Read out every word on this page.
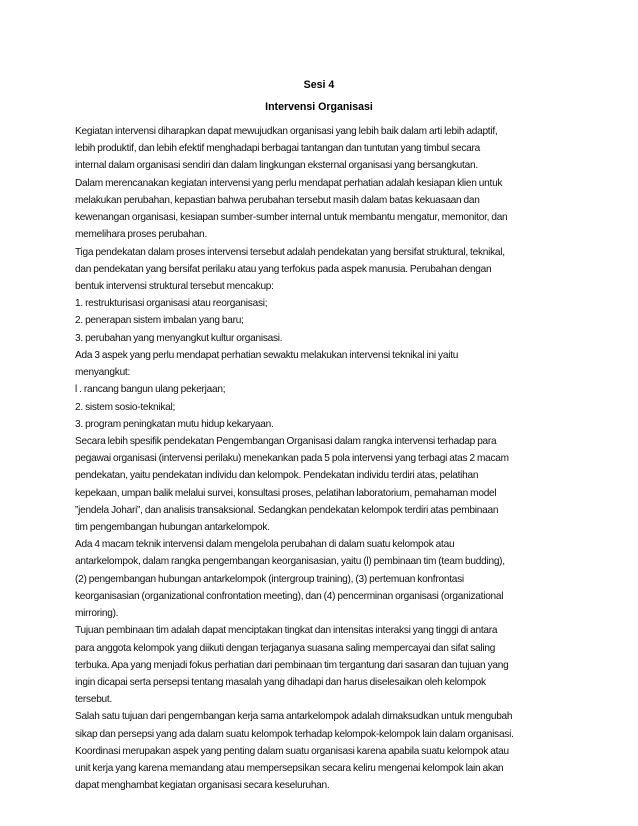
Sesi 4
Intervensi Organisasi
Kegiatan intervensi diharapkan dapat mewujudkan organisasi yang lebih baik dalam arti lebih adaptif,
lebih produktif, dan lebih efektif menghadapi berbagai tantangan dan tuntutan yang timbul secara
internal dalam organisasi sendiri dan dalam lingkungan eksternal organisasi yang bersangkutan.
Dalam merencanakan kegiatan intervensi yang perlu mendapat perhatian adalah kesiapan klien untuk
melakukan perubahan, kepastian bahwa perubahan tersebut masih dalam batas kekuasaan dan
kewenangan organisasi, kesiapan sumber-sumber internal untuk membantu mengatur, memonitor, dan
memelihara proses perubahan.
Tiga pendekatan dalam proses intervensi tersebut adalah pendekatan yang bersifat struktural, teknikal,
dan pendekatan yang bersifat perilaku atau yang terfokus pada aspek manusia. Perubahan dengan
bentuk intervensi struktural tersebut mencakup:
1. restrukturisasi organisasi atau reorganisasi;
2. penerapan sistem imbalan yang baru;
3. perubahan yang menyangkut kultur organisasi.
Ada 3 aspek yang perlu mendapat perhatian sewaktu melakukan intervensi teknikal ini yaitu
menyangkut:
l . rancang bangun ulang pekerjaan;
2. sistem sosio-teknikal;
3. program peningkatan mutu hidup kekaryaan.
Secara lebih spesifik pendekatan Pengembangan Organisasi dalam rangka intervensi terhadap para
pegawai organisasi (intervensi perilaku) menekankan pada 5 pola intervensi yang terbagi atas 2 macam
pendekatan, yaitu pendekatan individu dan kelompok. Pendekatan individu terdiri atas, pelatihan
kepekaan, umpan balik melalui survei, konsultasi proses, pelatihan laboratorium, pemahaman model
”jendela Johari”, dan analisis transaksional. Sedangkan pendekatan kelompok terdiri atas pembinaan
tim pengembangan hubungan antarkelompok.
Ada 4 macam teknik intervensi dalam mengelola perubahan di dalam suatu kelompok atau
antarkelompok, dalam rangka pengembangan keorganisasian, yaitu (l) pembinaan tim (team budding),
(2) pengembangan hubungan antarkelompok (intergroup training), (3) pertemuan konfrontasi
keorganisasian (organizational confrontation meeting), dan (4) pencerminan organisasi (organizational
mirroring).
Tujuan pembinaan tim adalah dapat menciptakan tingkat dan intensitas interaksi yang tinggi di antara
para anggota kelompok yang diikuti dengan terjaganya suasana saling mempercayai dan sifat saling
terbuka. Apa yang menjadi fokus perhatian dari pembinaan tim tergantung dari sasaran dan tujuan yang
ingin dicapai serta persepsi tentang masalah yang dihadapi dan harus diselesaikan oleh kelompok
tersebut.
Salah satu tujuan dari pengembangan kerja sama antarkelompok adalah dimaksudkan untuk mengubah
sikap dan persepsi yang ada dalam suatu kelompok terhadap kelompok-kelompok lain dalam organisasi.
Koordinasi merupakan aspek yang penting dalam suatu organisasi karena apabila suatu kelompok atau
unit kerja yang karena memandang atau mempersepsikan secara keliru mengenai kelompok lain akan
dapat menghambat kegiatan organisasi secara keseluruhan.
